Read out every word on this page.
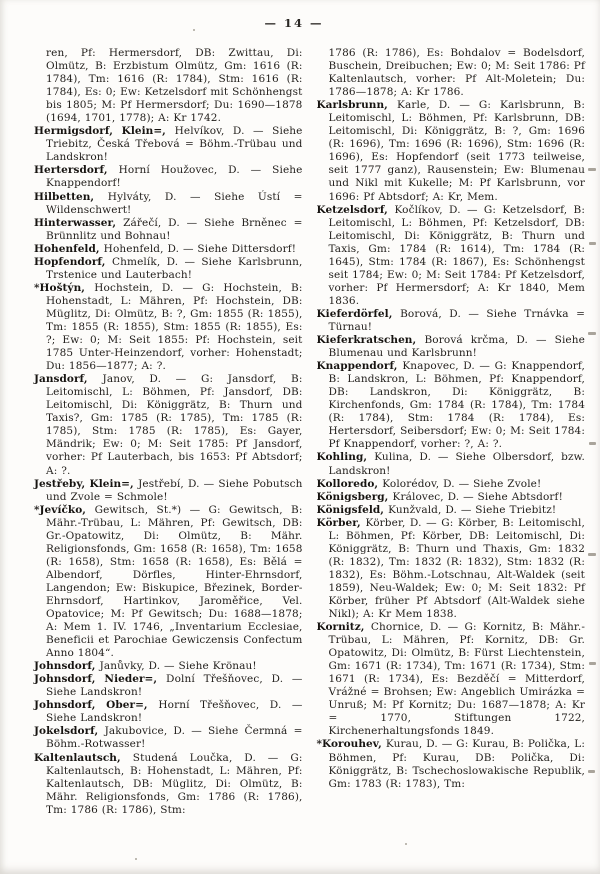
— 14 —

ren, Pf: Hermersdorf, DB: Zwittau, Di: Olmütz, B: Erzbistum Olmütz, Gm: 1616 (R: 1784), Tm: 1616 (R: 1784), Stm: 1616 (R: 1784), Es: 0; Ew: Ketzelsdorf mit Schönhengst bis 1805; M: Pf Hermersdorf; Du: 1690—1878 (1694, 1701, 1778); A: Kr 1742.

Hermigsdorf, Klein=, Helvíkov, D. — Siehe Triebitz, Česká Třebová = Böhm.-Trübau und Landskron!

Hertersdorf, Horní Houžovec, D. — Siehe Knappendorf!

Hilbetten, Hylváty, D. — Siehe Ústí = Wildenschwert!

Hinterwasser, Zářečí, D. — Siehe Brněnec = Brünnlitz und Bohnau!

Hohenfeld, Hohenfeld, D. — Siehe Dittersdorf!

Hopfendorf, Chmelík, D. — Siehe Karlsbrunn, Trstenice und Lauterbach!

*Hoštýn, Hochstein, D. — G: Hochstein, B: Hohenstadt, L: Mähren, Pf: Hochstein, DB: Müglitz, Di: Olmütz, B: ?, Gm: 1855 (R: 1855), Tm: 1855 (R: 1855), Stm: 1855 (R: 1855), Es: ?; Ew: 0; M: Seit 1855: Pf: Hochstein, seit 1785 Unter-Heinzendorf, vorher: Hohenstadt; Du: 1856—1877; A: ?.

Jansdorf, Janov, D. — G: Jansdorf, B: Leitomischl, L: Böhmen, Pf: Jansdorf, DB: Leitomischl, Di: Königgrätz, B: Thurn und Taxis?, Gm: 1785 (R: 1785), Tm: 1785 (R: 1785), Stm: 1785 (R: 1785), Es: Gayer, Mändrik; Ew: 0; M: Seit 1785: Pf Jansdorf, vorher: Pf Lauterbach, bis 1653: Pf Abtsdorf; A: ?.

Jestřeby, Klein=, Jestřebí, D. — Siehe Pobutsch und Zvole = Schmole!

*Jevíčko, Gewitsch, St.*) — G: Gewitsch, B: Mähr.-Trübau, L: Mähren, Pf: Gewitsch, DB: Gr.-Opatowitz, Di: Olmütz, B: Mähr. Religionsfonds, Gm: 1658 (R: 1658), Tm: 1658 (R: 1658), Stm: 1658 (R: 1658), Es: Bělá = Albendorf, Dörfles, Hinter-Ehrnsdorf, Langendon; Ew: Biskupice, Březinek, Border-Ehrnsdorf, Hartinkov, Jaroměřice, Vel. Opatovice; M: Pf Gewitsch; Du: 1688—1878; A: Mem 1. IV. 1746, „Inventarium Ecclesiae, Beneficii et Parochiae Gewiczensis Confectum Anno 1804“.

Johnsdorf, Janůvky, D. — Siehe Krönau!

Johnsdorf, Nieder=, Dolní Třešňovec, D. — Siehe Landskron!

Johnsdorf, Ober=, Horní Třešňovec, D. — Siehe Landskron!

Jokelsdorf, Jakubovice, D. — Siehe Čermná = Böhm.-Rotwasser!

Kaltenlautsch, Studená Loučka, D. — G: Kaltenlautsch, B: Hohenstadt, L: Mähren, Pf: Kaltenlautsch, DB: Müglitz, Di: Olmütz, B: Mähr. Religionsfonds, Gm: 1786 (R: 1786), Tm: 1786 (R: 1786), Stm:

1786 (R: 1786), Es: Bohdalov = Bodelsdorf, Buschein, Dreibuchen; Ew: 0; M: Seit 1786: Pf Kaltenlautsch, vorher: Pf Alt-Moletein; Du: 1786—1878; A: Kr 1786.

Karlsbrunn, Karle, D. — G: Karlsbrunn, B: Leitomischl, L: Böhmen, Pf: Karlsbrunn, DB: Leitomischl, Di: Königgrätz, B: ?, Gm: 1696 (R: 1696), Tm: 1696 (R: 1696), Stm: 1696 (R: 1696), Es: Hopfendorf (seit 1773 teilweise, seit 1777 ganz), Rausenstein; Ew: Blumenau und Nikl mit Kukelle; M: Pf Karlsbrunn, vor 1696: Pf Abtsdorf; A: Kr, Mem.

Ketzelsdorf, Kočlíkov, D. — G: Ketzelsdorf, B: Leitomischl, L: Böhmen, Pf: Ketzelsdorf, DB: Leitomischl, Di: Königgrätz, B: Thurn und Taxis, Gm: 1784 (R: 1614), Tm: 1784 (R: 1645), Stm: 1784 (R: 1867), Es: Schönhengst seit 1784; Ew: 0; M: Seit 1784: Pf Ketzelsdorf, vorher: Pf Hermersdorf; A: Kr 1840, Mem 1836.

Kieferdörfel, Borová, D. — Siehe Trnávka = Türnau!

Kieferkratschen, Borová krčma, D. — Siehe Blumenau und Karlsbrunn!

Knappendorf, Knapovec, D. — G: Knappendorf, B: Landskron, L: Böhmen, Pf: Knappendorf, DB: Landskron, Di: Königgrätz, B: Kirchenfonds, Gm: 1784 (R: 1784), Tm: 1784 (R: 1784), Stm: 1784 (R: 1784), Es: Hertersdorf, Seibersdorf; Ew: 0; M: Seit 1784: Pf Knappendorf, vorher: ?, A: ?.

Kohling, Kulina, D. — Siehe Olbersdorf, bzw. Landskron!

Kolloredo, Kolorédov, D. — Siehe Zvole!

Königsberg, Královec, D. — Siehe Abtsdorf!

Königsfeld, Kunžvald, D. — Siehe Triebitz!

Körber, Körber, D. — G: Körber, B: Leitomischl, L: Böhmen, Pf: Körber, DB: Leitomischl, Di: Königgrätz, B: Thurn und Thaxis, Gm: 1832 (R: 1832), Tm: 1832 (R: 1832), Stm: 1832 (R: 1832), Es: Böhm.-Lotschnau, Alt-Waldek (seit 1859), Neu-Waldek; Ew: 0; M: Seit 1832: Pf Körber, früher Pf Abtsdorf (Alt-Waldek siehe Nikl); A: Kr Mem 1838.

Kornitz, Chornice, D. — G: Kornitz, B: Mähr.-Trübau, L: Mähren, Pf: Kornitz, DB: Gr. Opatowitz, Di: Olmütz, B: Fürst Liechtenstein, Gm: 1671 (R: 1734), Tm: 1671 (R: 1734), Stm: 1671 (R: 1734), Es: Bezděčí = Mitterdorf, Vrážné = Brohsen; Ew: Angeblich Umirázka = Unruß; M: Pf Kornitz; Du: 1687—1878; A: Kr = 1770, Stiftungen 1722, Kirchenerhaltungsfonds 1849.

*Korouhev, Kurau, D. — G: Kurau, B: Polička, L: Böhmen, Pf: Kurau, DB: Polička, Di: Königgrätz, B: Tschechoslowakische Republik, Gm: 1783 (R: 1783), Tm:
